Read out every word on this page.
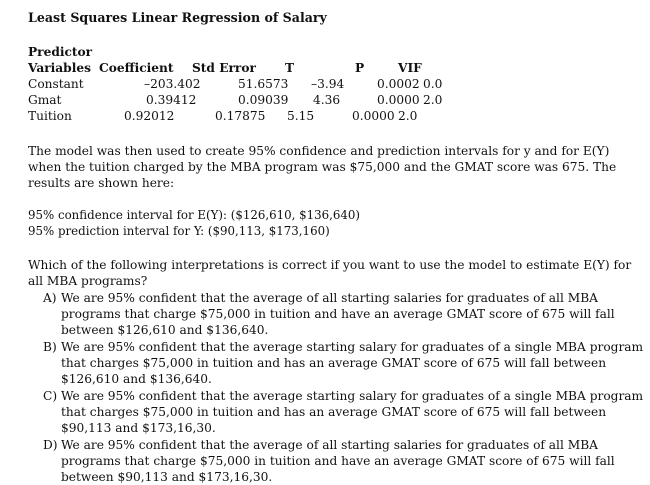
Least Squares Linear Regression of Salary
Predictor
Variables Coefficient Std Error T	P	VIF
Constant	–203.402	51.6573 –3.94	0.0002 0.0
Gmat	0.39412	0.09039 4.36	0.0000 2.0
Tuition	0.92012	0.17875 5.15	0.0000 2.0
The model was then used to create 95% confidence and prediction intervals for y and for E(Y)
when the tuition charged by the MBA program was $75,000 and the GMAT score was 675. The
results are shown here:
95% confidence interval for E(Y): ($126,610, $136,640)
95% prediction interval for Y: ($90,113, $173,160)
Which of the following interpretations is correct if you want to use the model to estimate E(Y) for
all MBA programs?
A) We are 95% confident that the average of all starting salaries for graduates of all MBA
programs that charge $75,000 in tuition and have an average GMAT score of 675 will fall
between $126,610 and $136,640.
B) We are 95% confident that the average starting salary for graduates of a single MBA program
that charges $75,000 in tuition and has an average GMAT score of 675 will fall between
$126,610 and $136,640.
C) We are 95% confident that the average starting salary for graduates of a single MBA program
that charges $75,000 in tuition and has an average GMAT score of 675 will fall between
$90,113 and $173,16,30.
D) We are 95% confident that the average of all starting salaries for graduates of all MBA
programs that charge $75,000 in tuition and have an average GMAT score of 675 will fall
between $90,113 and $173,16,30.
